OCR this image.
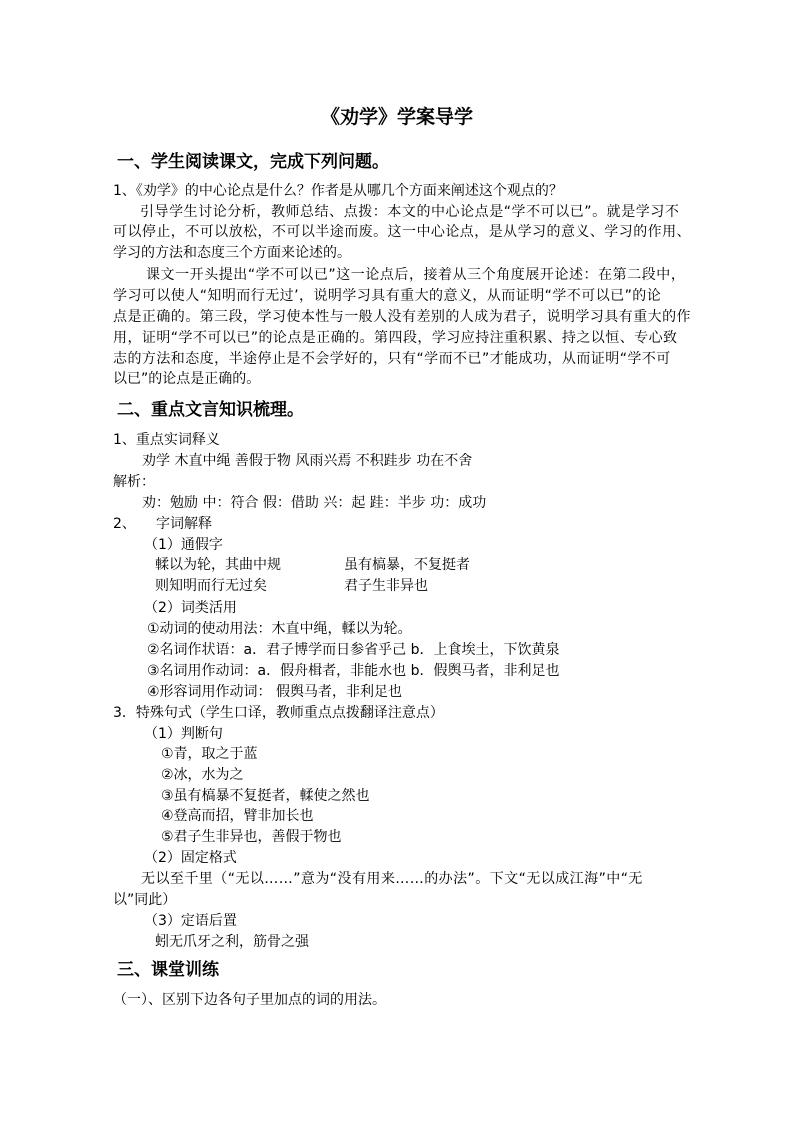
《劝学》学案导学
一、学生阅读课文，完成下列问题。
1、《劝学》的中心论点是什么？作者是从哪几个方面来阐述这个观点的？
引导学生讨论分析，教师总结、点拨：本文的中心论点是“学不可以已”。就是学习不
可以停止，不可以放松，不可以半途而废。这一中心论点，是从学习的意义、学习的作用、
学习的方法和态度三个方面来论述的。
课文一开头提出“学不可以已”这一论点后，接着从三个角度展开论述：在第二段中，
学习可以使人“知明而行无过’，说明学习具有重大的意义，从而证明“学不可以已”的论
点是正确的。第三段，学习使本性与一般人没有差别的人成为君子，说明学习具有重大的作
用，证明“学不可以已”的论点是正确的。第四段，学习应持注重积累、持之以恒、专心致
志的方法和态度，半途停止是不会学好的，只有“学而不已”才能成功，从而证明“学不可
以已”的论点是正确的。
二、重点文言知识梳理。
1、重点实词释义
劝学 木直中绳 善假于物 风雨兴焉 不积跬步 功在不舍
解析：
劝：勉励 中：符合 假：借助 兴：起 跬：半步 功：成功
2、 字词解释
（1）通假字
輮以为轮，其曲中规	虽有槁暴，不复挺者
则知明而行无过矣	君子生非异也
（2）词类活用
①动词的使动用法：木直中绳，輮以为轮。
②名词作状语：a．君子博学而日参省乎己 b．上食埃土，下饮黄泉
③名词用作动词：a．假舟楫者，非能水也 b．假舆马者，非利足也
④形容词用作动词： 假舆马者，非利足也
3．特殊句式（学生口译，教师重点点拨翻译注意点）
（1）判断句
①青，取之于蓝
②冰，水为之
③虽有槁暴不复挺者，輮使之然也
④登高而招，臂非加长也
⑤君子生非异也，善假于物也
（2）固定格式
无以至千里（“无以……”意为“没有用来……的办法”。下文“无以成江海”中“无
以”同此）
（3）定语后置
蚓无爪牙之利，筋骨之强
三、课堂训练
（一）、区别下边各句子里加点的词的用法。
